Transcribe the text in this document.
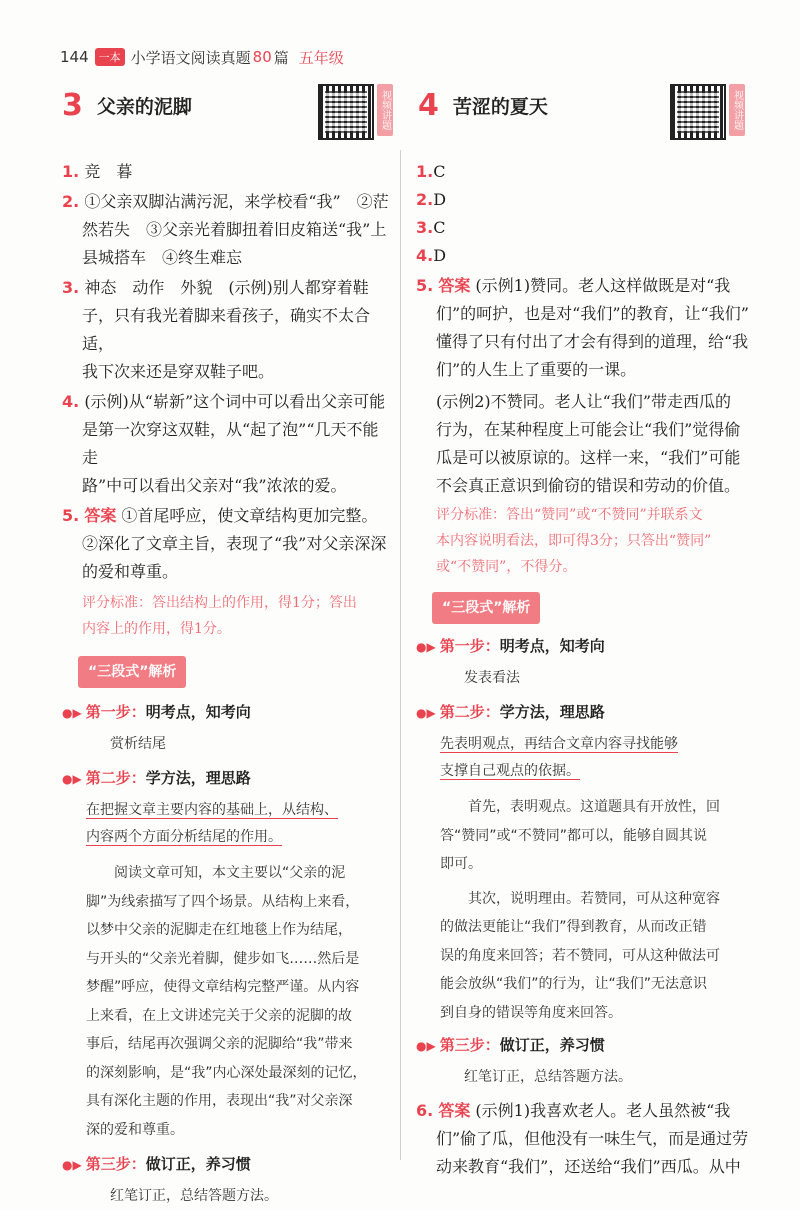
144 一本 小学语文阅读真题 80 篇 五年级
3 父亲的泥脚	视频讲题
1. 竞　暮
2. ①父亲双脚沾满污泥，来学校看“我”　②茫
然若失　③父亲光着脚扭着旧皮箱送“我”上
县城搭车　④终生难忘
3. 神态　动作　外貌　(示例)别人都穿着鞋
子，只有我光着脚来看孩子，确实不太合适，
我下次来还是穿双鞋子吧。
4. (示例)从“崭新”这个词中可以看出父亲可能
是第一次穿这双鞋，从“起了泡”“几天不能走
路”中可以看出父亲对“我”浓浓的爱。
5. 答案 ①首尾呼应，使文章结构更加完整。
②深化了文章主旨，表现了“我”对父亲深深
的爱和尊重。
评分标准：答出结构上的作用，得1分；答出
内容上的作用，得1分。
“三段式”解析
●▶ 第一步：明考点，知考向
赏析结尾
●▶ 第二步：学方法，理思路
在把握文章主要内容的基础上，从结构、
内容两个方面分析结尾的作用。
阅读文章可知，本文主要以“父亲的泥
脚”为线索描写了四个场景。从结构上来看，
以梦中父亲的泥脚走在红地毯上作为结尾，
与开头的“父亲光着脚，健步如飞……然后是
梦醒”呼应，使得文章结构完整严谨。从内容
上来看，在上文讲述完关于父亲的泥脚的故
事后，结尾再次强调父亲的泥脚给“我”带来
的深刻影响，是“我”内心深处最深刻的记忆，
具有深化主题的作用，表现出“我”对父亲深
深的爱和尊重。
●▶ 第三步：做订正，养习惯
红笔订正，总结答题方法。
4 苦涩的夏天	视频讲题
1.C
2.D
3.C
4.D
5. 答案 (示例1)赞同。老人这样做既是对“我
们”的呵护，也是对“我们”的教育，让“我们”
懂得了只有付出了才会有得到的道理，给“我
们”的人生上了重要的一课。
(示例2)不赞同。老人让“我们”带走西瓜的
行为，在某种程度上可能会让“我们”觉得偷
瓜是可以被原谅的。这样一来，“我们”可能
不会真正意识到偷窃的错误和劳动的价值。
评分标准：答出“赞同”或“不赞同”并联系文
本内容说明看法，即可得3分；只答出“赞同”
或“不赞同”，不得分。
“三段式”解析
●▶ 第一步：明考点，知考向
发表看法
●▶ 第二步：学方法，理思路
先表明观点，再结合文章内容寻找能够
支撑自己观点的依据。
首先，表明观点。这道题具有开放性，回
答“赞同”或“不赞同”都可以，能够自圆其说
即可。
其次，说明理由。若赞同，可从这种宽容
的做法更能让“我们”得到教育，从而改正错
误的角度来回答；若不赞同，可从这种做法可
能会放纵“我们”的行为，让“我们”无法意识
到自身的错误等角度来回答。
●▶ 第三步：做订正，养习惯
红笔订正，总结答题方法。
6. 答案 (示例1)我喜欢老人。老人虽然被“我
们”偷了瓜，但他没有一味生气，而是通过劳
动来教育“我们”，还送给“我们”西瓜。从中
